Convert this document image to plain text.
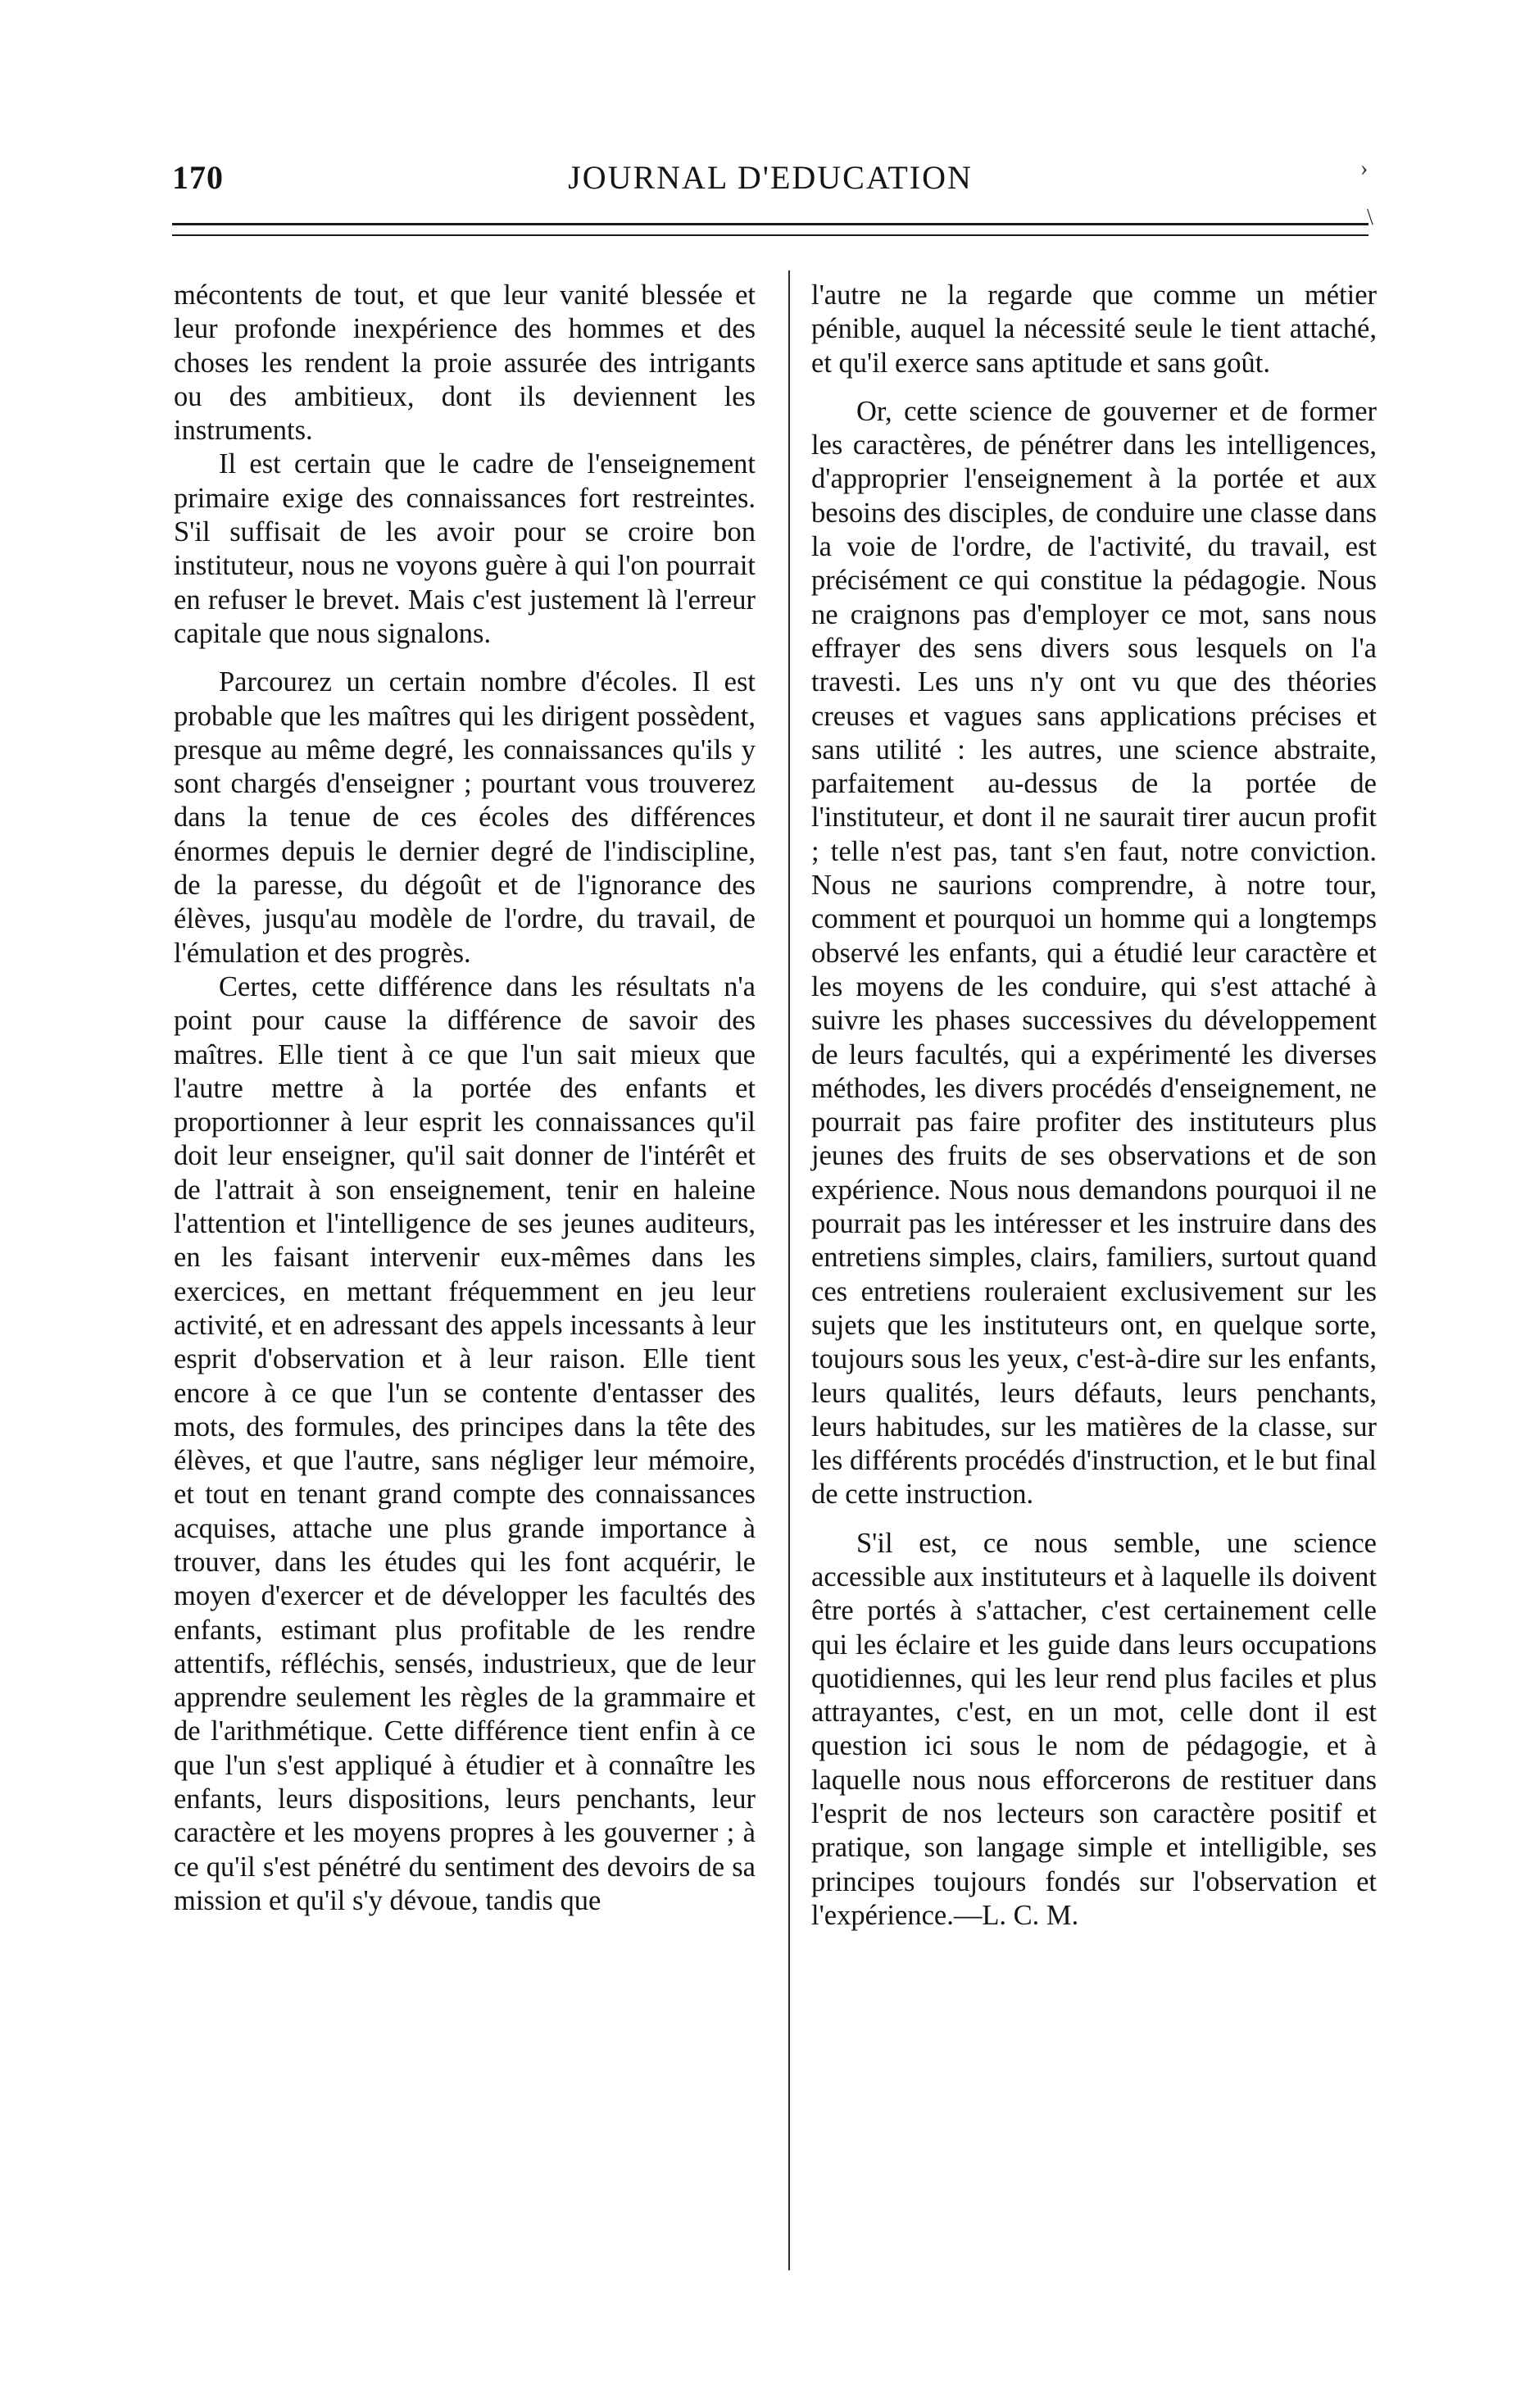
170	JOURNAL D'EDUCATION	›
\

mécontents de tout, et que leur vanité blessée et leur profonde inexpérience des hommes et des choses les rendent la proie assurée des intrigants ou des ambitieux, dont ils deviennent les instruments.

Il est certain que le cadre de l'enseignement primaire exige des connaissances fort restreintes. S'il suffisait de les avoir pour se croire bon instituteur, nous ne voyons guère à qui l'on pourrait en refuser le brevet. Mais c'est justement là l'erreur capitale que nous signalons.

Parcourez un certain nombre d'écoles. Il est probable que les maîtres qui les dirigent possèdent, presque au même degré, les connaissances qu'ils y sont chargés d'enseigner ; pourtant vous trouverez dans la tenue de ces écoles des différences énormes depuis le dernier degré de l'indiscipline, de la paresse, du dégoût et de l'ignorance des élèves, jusqu'au modèle de l'ordre, du travail, de l'émulation et des progrès.

Certes, cette différence dans les résultats n'a point pour cause la différence de savoir des maîtres. Elle tient à ce que l'un sait mieux que l'autre mettre à la portée des enfants et proportionner à leur esprit les connaissances qu'il doit leur enseigner, qu'il sait donner de l'intérêt et de l'attrait à son enseignement, tenir en haleine l'attention et l'intelligence de ses jeunes auditeurs, en les faisant intervenir eux-mêmes dans les exercices, en mettant fréquemment en jeu leur activité, et en adressant des appels incessants à leur esprit d'observation et à leur raison. Elle tient encore à ce que l'un se contente d'entasser des mots, des formules, des principes dans la tête des élèves, et que l'autre, sans négliger leur mémoire, et tout en tenant grand compte des connaissances acquises, attache une plus grande importance à trouver, dans les études qui les font acquérir, le moyen d'exercer et de développer les facultés des enfants, estimant plus profitable de les rendre attentifs, réfléchis, sensés, industrieux, que de leur apprendre seulement les règles de la grammaire et de l'arithmétique. Cette différence tient enfin à ce que l'un s'est appliqué à étudier et à connaître les enfants, leurs dispositions, leurs penchants, leur caractère et les moyens propres à les gouverner ; à ce qu'il s'est pénétré du sentiment des devoirs de sa mission et qu'il s'y dévoue, tandis que

l'autre ne la regarde que comme un métier pénible, auquel la nécessité seule le tient attaché, et qu'il exerce sans aptitude et sans goût.

Or, cette science de gouverner et de former les caractères, de pénétrer dans les intelligences, d'approprier l'enseignement à la portée et aux besoins des disciples, de conduire une classe dans la voie de l'ordre, de l'activité, du travail, est précisément ce qui constitue la pédagogie. Nous ne craignons pas d'employer ce mot, sans nous effrayer des sens divers sous lesquels on l'a travesti. Les uns n'y ont vu que des théories creuses et vagues sans applications précises et sans utilité : les autres, une science abstraite, parfaitement au-dessus de la portée de l'instituteur, et dont il ne saurait tirer aucun profit ; telle n'est pas, tant s'en faut, notre conviction. Nous ne saurions comprendre, à notre tour, comment et pourquoi un homme qui a longtemps observé les enfants, qui a étudié leur caractère et les moyens de les conduire, qui s'est attaché à suivre les phases successives du développement de leurs facultés, qui a expérimenté les diverses méthodes, les divers procédés d'enseignement, ne pourrait pas faire profiter des instituteurs plus jeunes des fruits de ses observations et de son expérience. Nous nous demandons pourquoi il ne pourrait pas les intéresser et les instruire dans des entretiens simples, clairs, familiers, surtout quand ces entretiens rouleraient exclusivement sur les sujets que les instituteurs ont, en quelque sorte, toujours sous les yeux, c'est-à-dire sur les enfants, leurs qualités, leurs défauts, leurs penchants, leurs habitudes, sur les matières de la classe, sur les différents procédés d'instruction, et le but final de cette instruction.

S'il est, ce nous semble, une science accessible aux instituteurs et à laquelle ils doivent être portés à s'attacher, c'est certainement celle qui les éclaire et les guide dans leurs occupations quotidiennes, qui les leur rend plus faciles et plus attrayantes, c'est, en un mot, celle dont il est question ici sous le nom de pédagogie, et à laquelle nous nous efforcerons de restituer dans l'esprit de nos lecteurs son caractère positif et pratique, son langage simple et intelligible, ses principes toujours fondés sur l'observation et l'expérience.—L. C. M.
